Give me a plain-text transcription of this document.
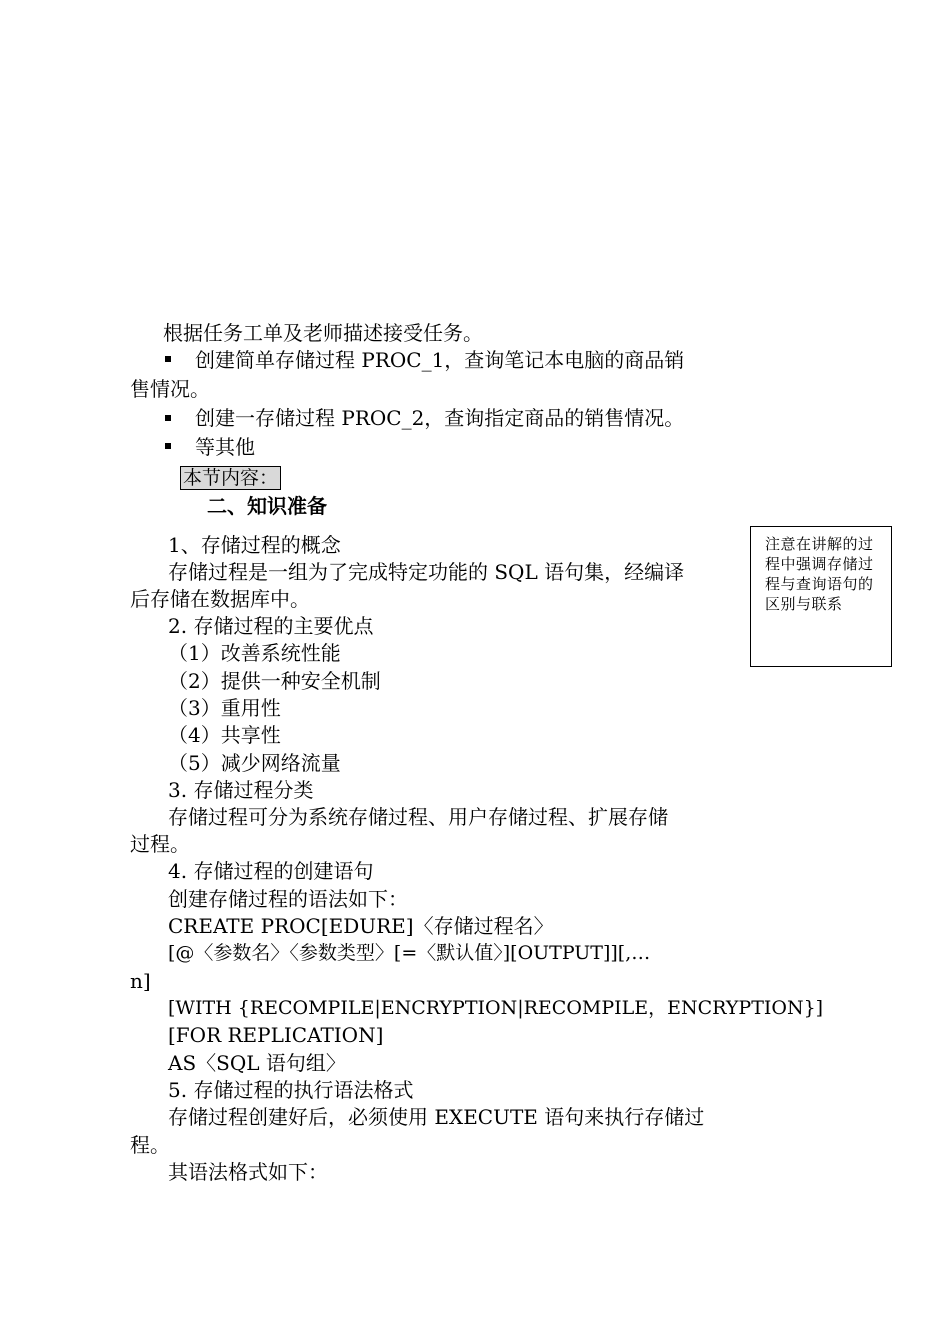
根据任务工单及老师描述接受任务。
创建简单存储过程 PROC_1，查询笔记本电脑的商品销
售情况。
创建一存储过程 PROC_2，查询指定商品的销售情况。
等其他
本节内容：
二、知识准备
1、存储过程的概念
存储过程是一组为了完成特定功能的 SQL 语句集，经编译
后存储在数据库中。
2. 存储过程的主要优点
（1）改善系统性能
（2）提供一种安全机制
（3）重用性
（4）共享性
（5）减少网络流量
3. 存储过程分类
存储过程可分为系统存储过程、用户存储过程、扩展存储
过程。
4. 存储过程的创建语句
创建存储过程的语法如下：
CREATE PROC[EDURE]〈存储过程名〉
[@〈参数名〉〈参数类型〉[=〈默认值〉][OUTPUT]][,…
n]
[WITH {RECOMPILE|ENCRYPTION|RECOMPILE，ENCRYPTION}]
[FOR REPLICATION]
AS〈SQL 语句组〉
5. 存储过程的执行语法格式
存储过程创建好后，必须使用 EXECUTE 语句来执行存储过
程。
其语法格式如下：
注意在讲解的过程中强调存储过程与查询语句的区别与联系
